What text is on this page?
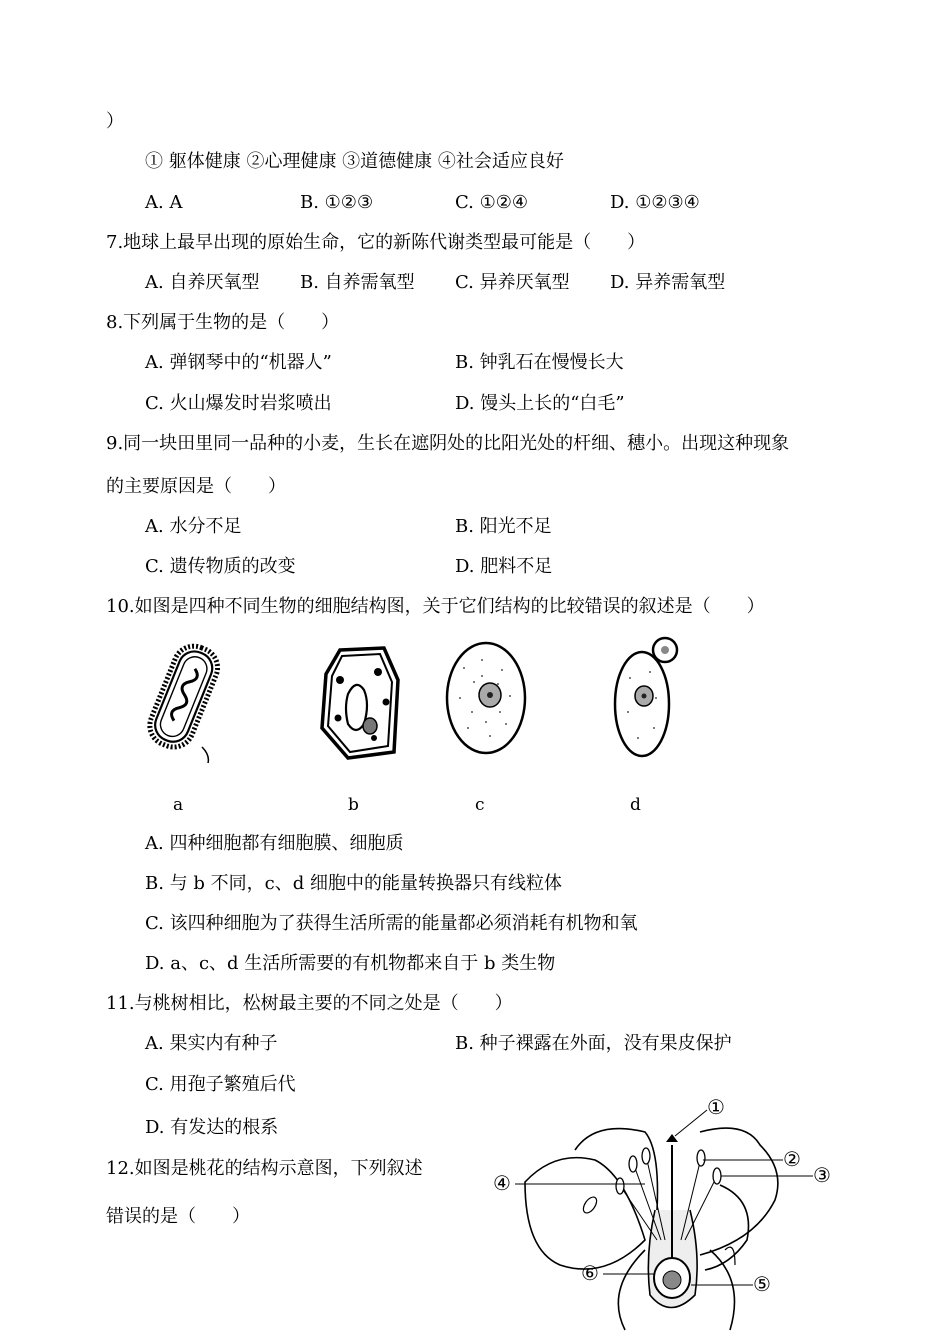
）
① 躯体健康 ②心理健康 ③道德健康 ④社会适应良好
A. A	B. ①②③	C. ①②④	D. ①②③④
7.地球上最早出现的原始生命，它的新陈代谢类型最可能是（　　）
A. 自养厌氧型 B. 自养需氧型 C. 异养厌氧型 D. 异养需氧型
8.下列属于生物的是（　　）
A. 弹钢琴中的“机器人”	B. 钟乳石在慢慢长大
C. 火山爆发时岩浆喷出	D. 馒头上长的“白毛”
9.同一块田里同一品种的小麦，生长在遮阴处的比阳光处的杆细、穗小。出现这种现象
的主要原因是（　　）
A. 水分不足	B. 阳光不足
C. 遗传物质的改变	D. 肥料不足
10.如图是四种不同生物的细胞结构图，关于它们结构的比较错误的叙述是（　　）
a	b	c	d
A. 四种细胞都有细胞膜、细胞质
B. 与 b 不同，c、d 细胞中的能量转换器只有线粒体
C. 该四种细胞为了获得生活所需的能量都必须消耗有机物和氧
D. a、c、d 生活所需要的有机物都来自于 b 类生物
11.与桃树相比，松树最主要的不同之处是（　　）
A. 果实内有种子	B. 种子裸露在外面，没有果皮保护
C. 用孢子繁殖后代
D. 有发达的根系
12.如图是桃花的结构示意图，下列叙述
错误的是（　　）
①
②
③
④
⑤
⑥
